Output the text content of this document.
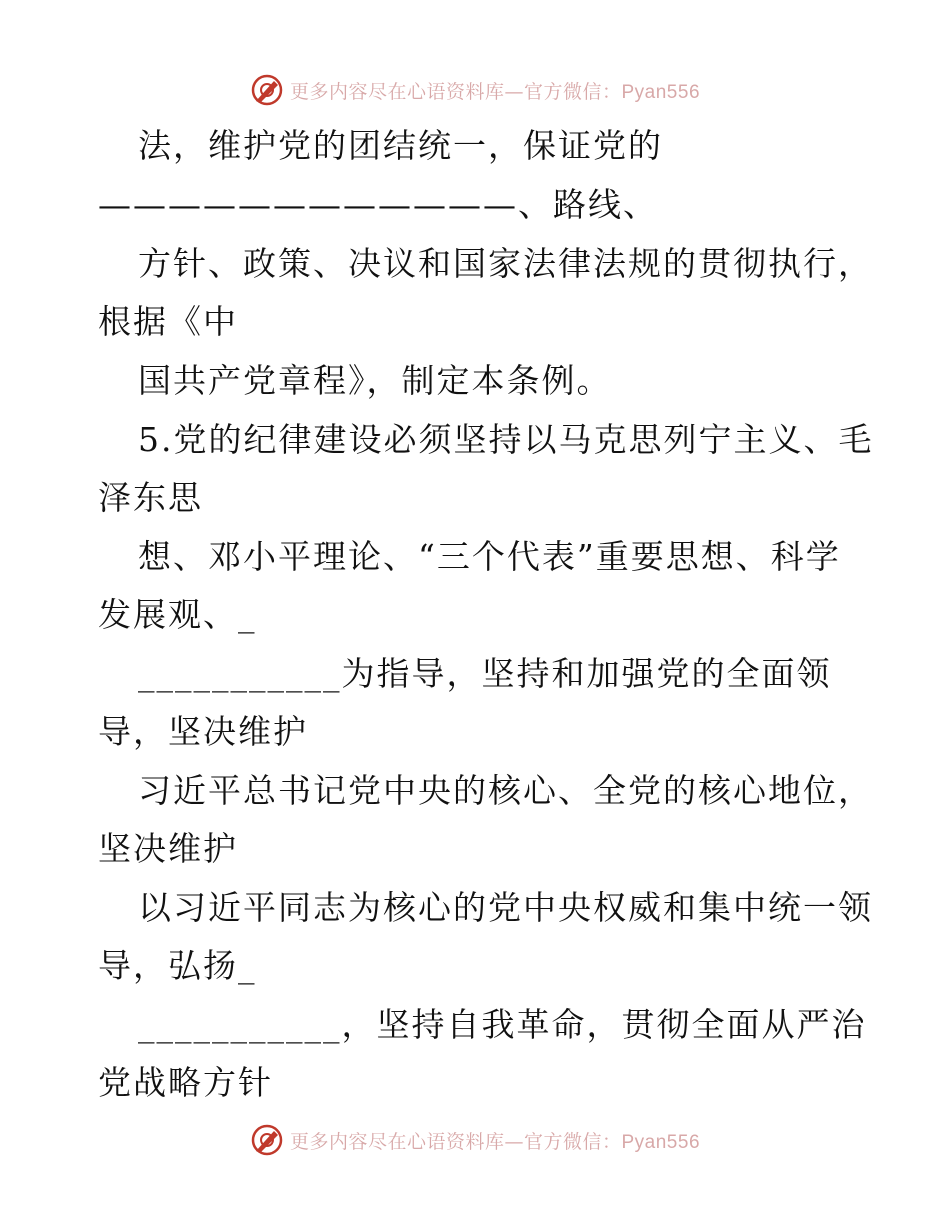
更多内容尽在心语资料库—官方微信：Pyan556
法，维护党的团结统一，保证党的
————————————、路线、
方针、政策、决议和国家法律法规的贯彻执行，
根据《中
国共产党章程》，制定本条例。
5.党的纪律建设必须坚持以马克思列宁主义、毛
泽东思
想、邓小平理论、“三个代表”重要思想、科学
发展观、_
___________为指导，坚持和加强党的全面领
导，坚决维护
习近平总书记党中央的核心、全党的核心地位，
坚决维护
以习近平同志为核心的党中央权威和集中统一领
导，弘扬_
___________，坚持自我革命，贯彻全面从严治
党战略方针
更多内容尽在心语资料库—官方微信：Pyan556
